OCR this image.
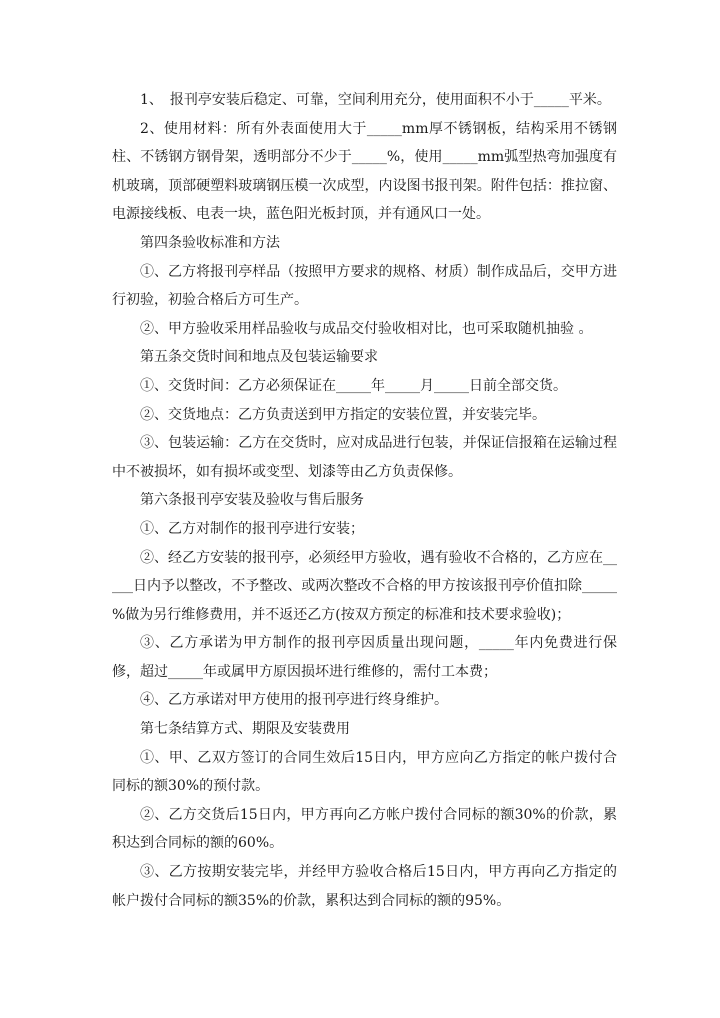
1、　报刊亭安装后稳定、可靠，空间利用充分，使用面积不小于_____平米。

2、使用材料：所有外表面使用大于_____mm厚不锈钢板，结构采用不锈钢柱、不锈钢方钢骨架，透明部分不少于_____%，使用_____mm弧型热弯加强度有机玻璃，顶部硬塑料玻璃钢压模一次成型，内设图书报刊架。附件包括：推拉窗、电源接线板、电表一块，蓝色阳光板封顶，并有通风口一处。

第四条验收标准和方法

①、乙方将报刊亭样品（按照甲方要求的规格、材质）制作成品后，交甲方进行初验，初验合格后方可生产。

②、甲方验收采用样品验收与成品交付验收相对比，也可采取随机抽验 。

第五条交货时间和地点及包装运输要求

①、交货时间：乙方必须保证在_____年_____月_____日前全部交货。

②、交货地点：乙方负责送到甲方指定的安装位置，并安装完毕。

③、包装运输：乙方在交货时，应对成品进行包装，并保证信报箱在运输过程中不被损坏，如有损坏或变型、划漆等由乙方负责保修。

第六条报刊亭安装及验收与售后服务

①、乙方对制作的报刊亭进行安装；

②、经乙方安装的报刊亭，必须经甲方验收，遇有验收不合格的，乙方应在_____日内予以整改，不予整改、或两次整改不合格的甲方按该报刊亭价值扣除_____ %做为另行维修费用，并不返还乙方(按双方预定的标准和技术要求验收)；

③、乙方承诺为甲方制作的报刊亭因质量出现问题，_____年内免费进行保修，超过_____年或属甲方原因损坏进行维修的，需付工本费；

④、乙方承诺对甲方使用的报刊亭进行终身维护。

第七条结算方式、期限及安装费用

①、甲、乙双方签订的合同生效后15日内，甲方应向乙方指定的帐户拨付合同标的额30%的预付款。

②、乙方交货后15日内，甲方再向乙方帐户拨付合同标的额30%的价款，累积达到合同标的额的60%。

③、乙方按期安装完毕，并经甲方验收合格后15日内，甲方再向乙方指定的帐户拨付合同标的额35%的价款，累积达到合同标的额的95%。
